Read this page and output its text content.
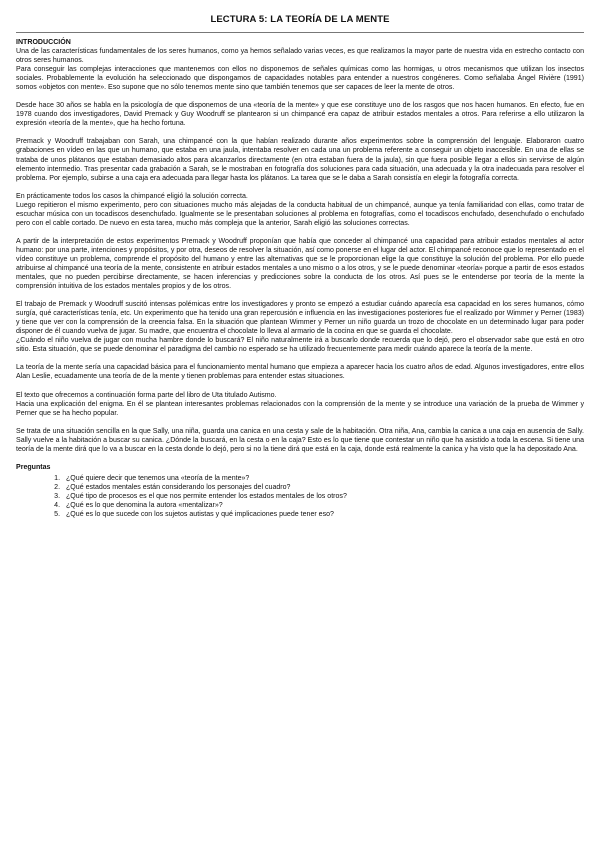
LECTURA 5: LA TEORÍA DE LA MENTE
INTRODUCCIÓN

Una de las características fundamentales de los seres humanos, como ya hemos señalado varias veces, es que realizamos la mayor parte de nuestra vida en estrecho contacto con otros seres humanos.

Para conseguir las complejas interacciones que mantenemos con ellos no disponemos de señales químicas como las hormigas, u otros mecanismos que utilizan los insectos sociales. Probablemente la evolución ha seleccionado que dispongamos de capacidades notables para entender a nuestros congéneres. Como señalaba Ángel Rivière (1991) somos «objetos con mente». Eso supone que no sólo tenemos mente sino que también tenemos que ser capaces de leer la mente de otros.

Desde hace 30 años se habla en la psicología de que disponemos de una «teoría de la mente» y que ese constituye uno de los rasgos que nos hacen humanos. En efecto, fue en 1978 cuando dos investigadores, David Premack y Guy Woodruff se plantearon si un chimpancé era capaz de atribuir estados mentales a otros. Para referirse a ello utilizaron la expresión «teoría de la mente», que ha hecho fortuna.

Premack y Woodruff trabajaban con Sarah, una chimpancé con la que habían realizado durante años experimentos sobre la comprensión del lenguaje. Elaboraron cuatro grabaciones en vídeo en las que un humano, que estaba en una jaula, intentaba resolver en cada una un problema referente a conseguir un objeto inaccesible. En una de ellas se trataba de unos plátanos que estaban demasiado altos para alcanzarlos directamente (en otra estaban fuera de la jaula), sin que fuera posible llegar a ellos sin servirse de algún elemento intermedio. Tras presentar cada grabación a Sarah, se le mostraban en fotografía dos soluciones para cada situación, una adecuada y la otra inadecuada para resolver el problema. Por ejemplo, subirse a una caja era adecuada para llegar hasta los plátanos. La tarea que se le daba a Sarah consistía en elegir la fotografía correcta.

En prácticamente todos los casos la chimpancé eligió la solución correcta.

Luego repitieron el mismo experimento, pero con situaciones mucho más alejadas de la conducta habitual de un chimpancé, aunque ya tenía familiaridad con ellas, como tratar de escuchar música con un tocadiscos desenchufado. Igualmente se le presentaban soluciones al problema en fotografías, como el tocadiscos enchufado, desenchufado o enchufado pero con el cable cortado. De nuevo en esta tarea, mucho más compleja que la anterior, Sarah eligió las soluciones correctas.

A partir de la interpretación de estos experimentos Premack y Woodruff proponían que había que conceder al chimpancé una capacidad para atribuir estados mentales al actor humano: por una parte, intenciones y propósitos, y por otra, deseos de resolver la situación, así como ponerse en el lugar del actor. El chimpancé reconoce que lo representado en el vídeo constituye un problema, comprende el propósito del humano y entre las alternativas que se le proporcionan elige la que constituye la solución del problema. Por ello puede atribuirse al chimpancé una teoría de la mente, consistente en atribuir estados mentales a uno mismo o a los otros, y se le puede denominar «teoría» porque a partir de esos estados mentales, que no pueden percibirse directamente, se hacen inferencias y predicciones sobre la conducta de los otros. Así pues se le entenderse por teoría de la mente la comprensión intuitiva de los estados mentales propios y de los otros.

El trabajo de Premack y Woodruff suscitó intensas polémicas entre los investigadores y pronto se empezó a estudiar cuándo aparecía esa capacidad en los seres humanos, cómo surgía, qué características tenía, etc. Un experimento que ha tenido una gran repercusión e influencia en las investigaciones posteriores fue el realizado por Wimmer y Perner (1983) y tiene que ver con la comprensión de la creencia falsa. En la situación que plantean Wimmer y Perner un niño guarda un trozo de chocolate en un determinado lugar para poder disponer de él cuando vuelva de jugar. Su madre, que encuentra el chocolate lo lleva al armario de la cocina en que se guarda el chocolate.

¿Cuándo el niño vuelva de jugar con mucha hambre donde lo buscará? El niño naturalmente irá a buscarlo donde recuerda que lo dejó, pero el observador sabe que está en otro sitio. Esta situación, que se puede denominar el paradigma del cambio no esperado se ha utilizado frecuentemente para medir cuándo aparece la teoría de la mente.

La teoría de la mente sería una capacidad básica para el funcionamiento mental humano que empieza a aparecer hacia los cuatro años de edad. Algunos investigadores, entre ellos Alan Leslie, ecuadamente una teoría de de la mente y tienen problemas para entender estas situaciones.

El texto que ofrecemos a continuación forma parte del libro de Uta titulado Autismo.

Hacia una explicación del enigma. En él se plantean interesantes problemas relacionados con la comprensión de la mente y se introduce una variación de la prueba de Wimmer y Perner que se ha hecho popular.

Se trata de una situación sencilla en la que Sally, una niña, guarda una canica en una cesta y sale de la habitación. Otra niña, Ana, cambia la canica a una caja en ausencia de Sally. Sally vuelve a la habitación a buscar su canica. ¿Dónde la buscará, en la cesta o en la caja? Esto es lo que tiene que contestar un niño que ha asistido a toda la escena. Si tiene una teoría de la mente dirá que lo va a buscar en la cesta donde lo dejó, pero si no la tiene dirá que está en la caja, donde está realmente la canica y ha visto que la ha depositado Ana.

Preguntas
1. ¿Qué quiere decir que tenemos una «teoría de la mente»?
2. ¿Qué estados mentales están considerando los personajes del cuadro?
3. ¿Qué tipo de procesos es el que nos permite entender los estados mentales de los otros?
4. ¿Qué es lo que denomina la autora «mentalizar»?
5. ¿Qué es lo que sucede con los sujetos autistas y qué implicaciones puede tener eso?
